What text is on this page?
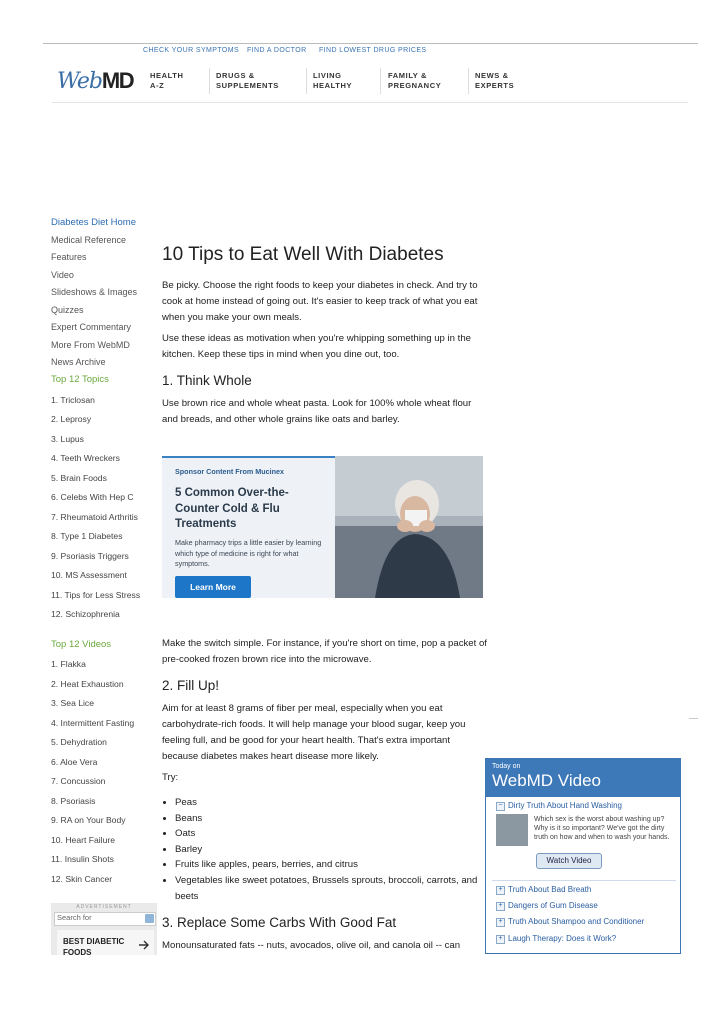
CHECK YOUR SYMPTOMS FIND A DOCTOR FIND LOWEST DRUG PRICES
WebMD HEALTH
A-Z
DRUGS &
SUPPLEMENTS
LIVING
HEALTHY
FAMILY &
PREGNANCY
NEWS &
EXPERTS
Diabetes Diet Home
Medical Reference
Features
Video
Slideshows & Images
Quizzes
Expert Commentary
More From WebMD
News Archive
Top 12 Topics
1. Triclosan
2. Leprosy
3. Lupus
4. Teeth Wreckers
5. Brain Foods
6. Celebs With Hep C
7. Rheumatoid Arthritis
8. Type 1 Diabetes
9. Psoriasis Triggers
10. MS Assessment
11. Tips for Less Stress
12. Schizophrenia
Top 12 Videos
1. Flakka
2. Heat Exhaustion
3. Sea Lice
4. Intermittent Fasting
5. Dehydration
6. Aloe Vera
7. Concussion
8. Psoriasis
9. RA on Your Body
10. Heart Failure
11. Insulin Shots
12. Skin Cancer
ADVERTISEMENT
Search for
BEST DIABETIC FOODS
10 Tips to Eat Well With Diabetes
Be picky. Choose the right foods to keep your diabetes in check. And try to cook at home instead of going out. It's easier to keep track of what you eat when you make your own meals.
Use these ideas as motivation when you're whipping something up in the kitchen. Keep these tips in mind when you dine out, too.
1. Think Whole
Use brown rice and whole wheat pasta. Look for 100% whole wheat flour and breads, and other whole grains like oats and barley.
Sponsor Content From Mucinex
5 Common Over-the-Counter Cold & Flu Treatments
Make pharmacy trips a little easier by learning which type of medicine is right for what symptoms.
Learn More
Make the switch simple. For instance, if you're short on time, pop a packet of pre-cooked frozen brown rice into the microwave.
2. Fill Up!
Aim for at least 8 grams of fiber per meal, especially when you eat carbohydrate-rich foods. It will help manage your blood sugar, keep you feeling full, and be good for your heart health. That's extra important because diabetes makes heart disease more likely.
Try:
• Peas
• Beans
• Oats
• Barley
• Fruits like apples, pears, berries, and citrus
• Vegetables like sweet potatoes, Brussels sprouts, broccoli, carrots, and beets
3. Replace Some Carbs With Good Fat
Monounsaturated fats -- nuts, avocados, olive oil, and canola oil -- can
Today on
WebMD Video
− Dirty Truth About Hand Washing
Which sex is the worst about washing up? Why is it so important? We've got the dirty truth on how and when to wash your hands.
Watch Video
+ Truth About Bad Breath
+ Dangers of Gum Disease
+ Truth About Shampoo and Conditioner
+ Laugh Therapy: Does it Work?
